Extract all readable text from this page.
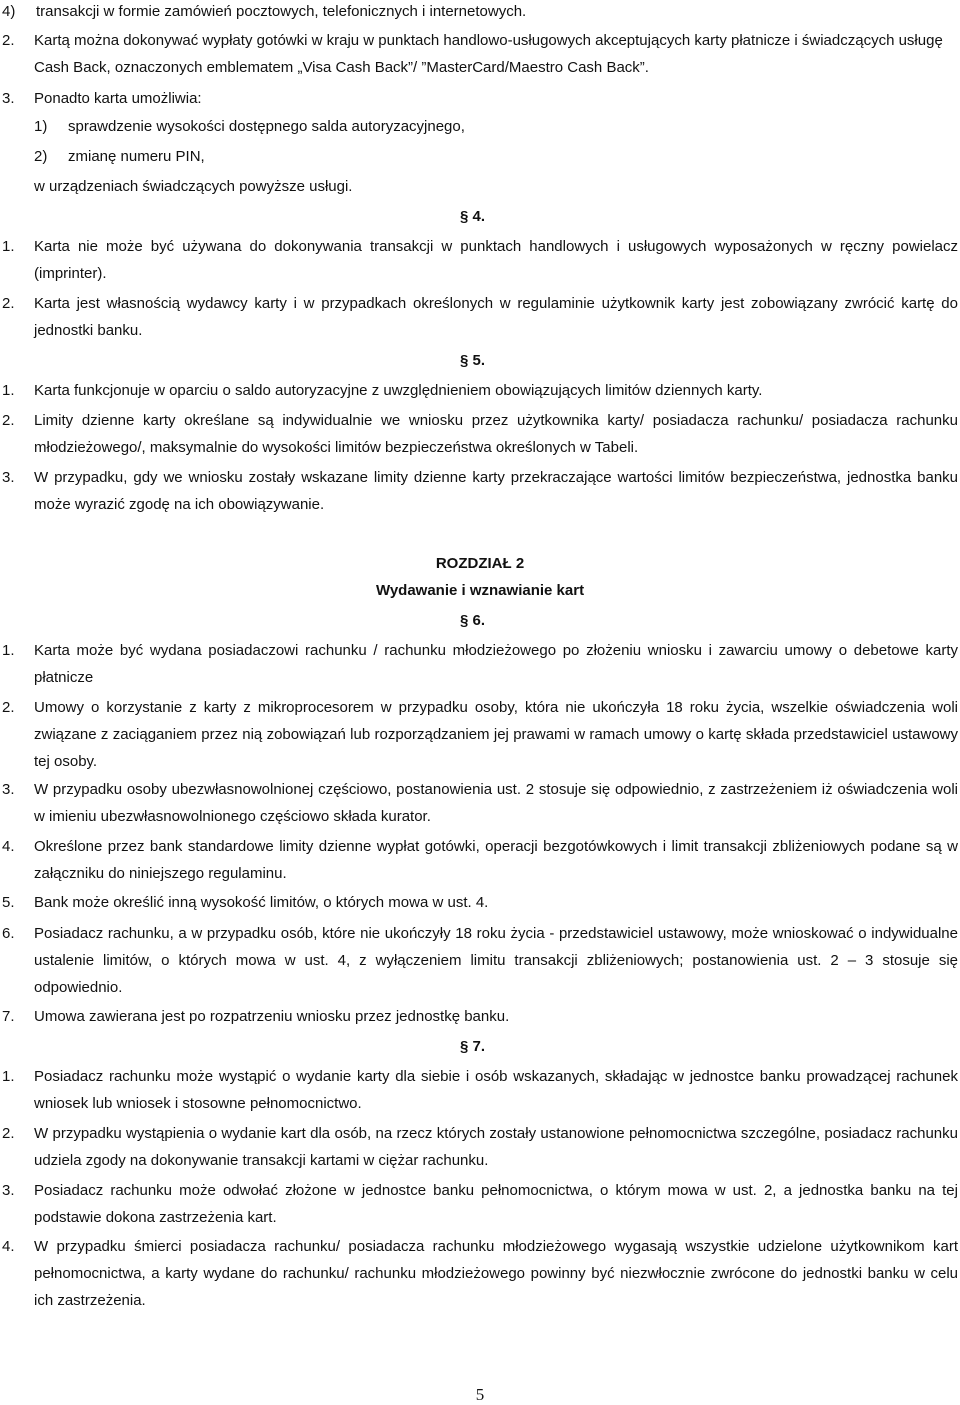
4) transakcji w formie zamówień pocztowych, telefonicznych i internetowych.
2. Kartą można dokonywać wypłaty gotówki w kraju w punktach handlowo-usługowych akceptujących karty płatnicze i świadczących usługę Cash Back, oznaczonych emblematem „Visa Cash Back”/ ”MasterCard/Maestro Cash Back”.
3. Ponadto karta umożliwia:
1) sprawdzenie wysokości dostępnego salda autoryzacyjnego,
2) zmianę numeru PIN,
w urządzeniach świadczących powyższe usługi.
§ 4.
1. Karta nie może być używana do dokonywania transakcji w punktach handlowych i usługowych wyposażonych w ręczny powielacz (imprinter).
2. Karta jest własnością wydawcy karty i w przypadkach określonych w regulaminie użytkownik karty jest zobowiązany zwrócić kartę do jednostki banku.
§ 5.
1. Karta funkcjonuje w oparciu o saldo autoryzacyjne z uwzględnieniem obowiązujących limitów dziennych karty.
2. Limity dzienne karty określane są indywidualnie we wniosku przez użytkownika karty/ posiadacza rachunku/ posiadacza rachunku młodzieżowego/, maksymalnie do wysokości limitów bezpieczeństwa określonych w Tabeli.
3. W przypadku, gdy we wniosku zostały wskazane limity dzienne karty przekraczające wartości limitów bezpieczeństwa, jednostka banku może wyrazić zgodę na ich obowiązywanie.
ROZDZIAŁ 2
Wydawanie i wznawianie kart
§ 6.
1. Karta może być wydana posiadaczowi rachunku / rachunku młodzieżowego po złożeniu wniosku i zawarciu umowy o debetowe karty płatnicze
2. Umowy o korzystanie z karty z mikroprocesorem w przypadku osoby, która nie ukończyła 18 roku życia, wszelkie oświadczenia woli związane z zaciąganiem przez nią zobowiązań lub rozporządzaniem jej prawami w ramach umowy o kartę składa przedstawiciel ustawowy tej osoby.
3. W przypadku osoby ubezwłasnowolnionej częściowo, postanowienia ust. 2 stosuje się odpowiednio, z zastrzeżeniem iż oświadczenia woli w imieniu ubezwłasnowolnionego częściowo składa kurator.
4. Określone przez bank standardowe limity dzienne wypłat gotówki, operacji bezgotówkowych i limit transakcji zbliżeniowych podane są w załączniku do niniejszego regulaminu.
5. Bank może określić inną wysokość limitów, o których mowa w ust. 4.
6. Posiadacz rachunku, a w przypadku osób, które nie ukończyły 18 roku życia - przedstawiciel ustawowy, może wnioskować o indywidualne ustalenie limitów, o których mowa w ust. 4, z wyłączeniem limitu transakcji zbliżeniowych; postanowienia ust. 2 – 3 stosuje się odpowiednio.
7. Umowa zawierana jest po rozpatrzeniu wniosku przez jednostkę banku.
§ 7.
1. Posiadacz rachunku może wystąpić o wydanie karty dla siebie i osób wskazanych, składając w jednostce banku prowadzącej rachunek wniosek lub wniosek i stosowne pełnomocnictwo.
2. W przypadku wystąpienia o wydanie kart dla osób, na rzecz których zostały ustanowione pełnomocnictwa szczególne, posiadacz rachunku udziela zgody na dokonywanie transakcji kartami w ciężar rachunku.
3. Posiadacz rachunku może odwołać złożone w jednostce banku pełnomocnictwa, o którym mowa w ust. 2, a jednostka banku na tej podstawie dokona zastrzeżenia kart.
4. W przypadku śmierci posiadacza rachunku/ posiadacza rachunku młodzieżowego wygasają wszystkie udzielone użytkownikom kart pełnomocnictwa, a karty wydane do rachunku/ rachunku młodzieżowego powinny być niezwłocznie zwrócone do jednostki banku w celu ich zastrzeżenia.
5
